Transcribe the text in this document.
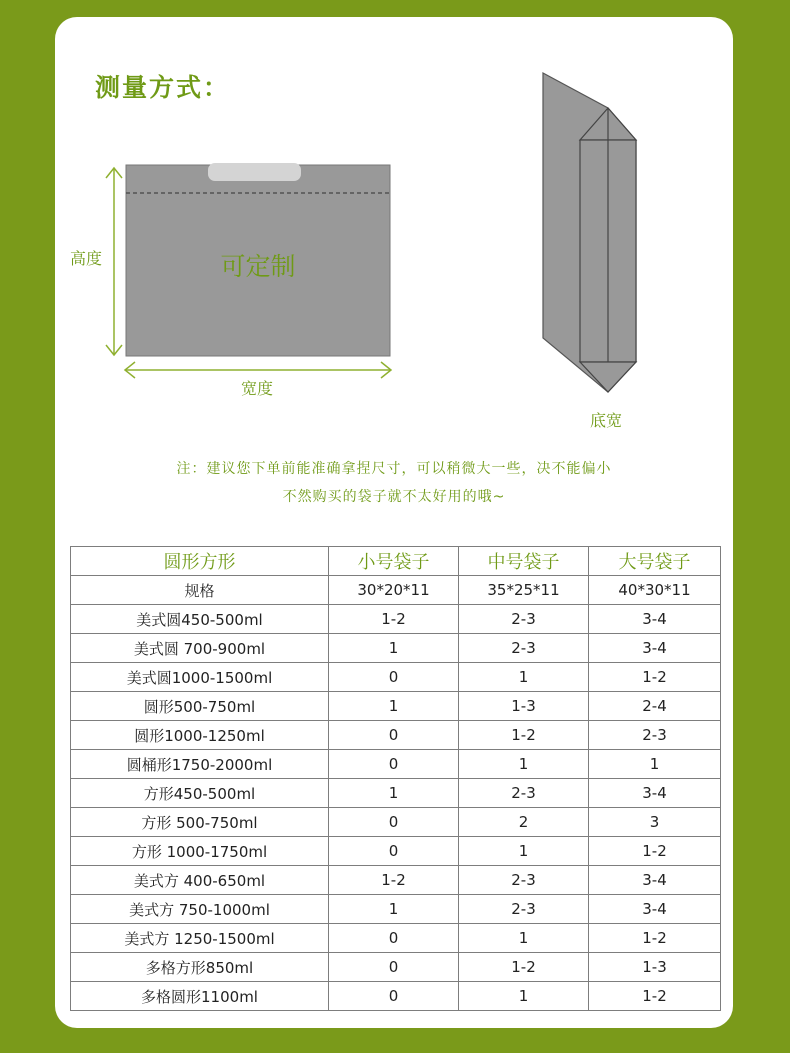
测量方式：
可定制
高度
宽度
底宽
注：建议您下单前能准确拿捏尺寸，可以稍微大一些，决不能偏小
不然购买的袋子就不太好用的哦~
圆形方形	小号袋子	中号袋子	大号袋子
规格	30*20*11	35*25*11	40*30*11
美式圆450-500ml	1-2	2-3	3-4
美式圆 700-900ml	1	2-3	3-4
美式圆1000-1500ml	0	1	1-2
圆形500-750ml	1	1-3	2-4
圆形1000-1250ml	0	1-2	2-3
圆桶形1750-2000ml	0	1	1
方形450-500ml	1	2-3	3-4
方形 500-750ml	0	2	3
方形 1000-1750ml	0	1	1-2
美式方 400-650ml	1-2	2-3	3-4
美式方 750-1000ml	1	2-3	3-4
美式方 1250-1500ml	0	1	1-2
多格方形850ml	0	1-2	1-3
多格圆形1100ml	0	1	1-2
